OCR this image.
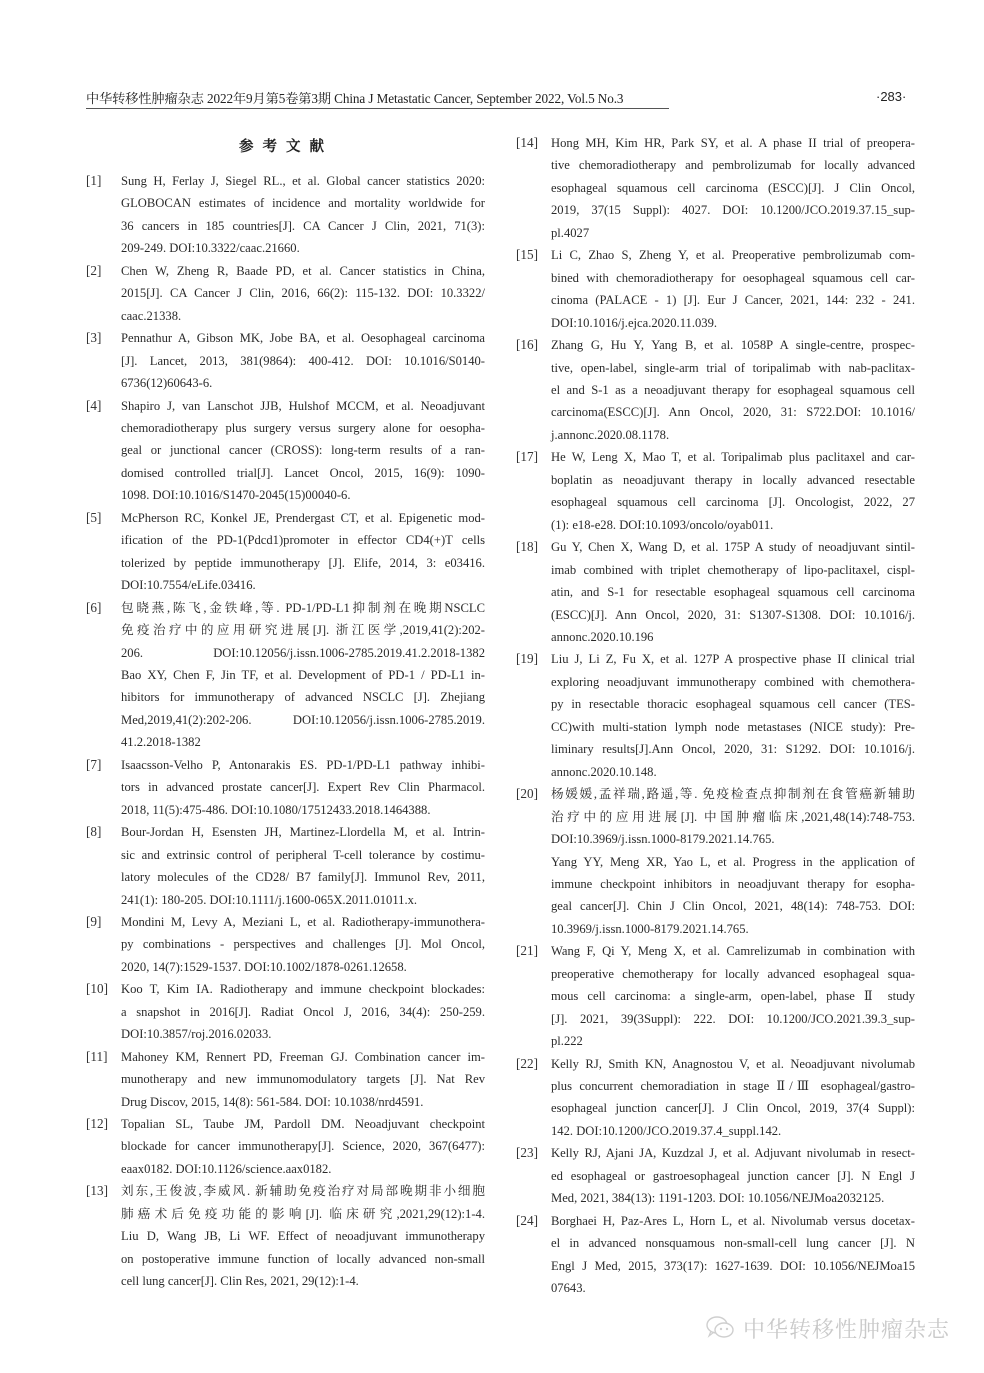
中华转移性肿瘤杂志 2022年9月第5卷第3期 China J Metastatic Cancer, September 2022, Vol.5 No.3	·283·
参考文献
[1]	Sung H, Ferlay J, Siegel RL., et al. Global cancer statistics 2020:
GLOBOCAN estimates of incidence and mortality worldwide for
36 cancers in 185 countries[J]. CA Cancer J Clin, 2021, 71(3):
209-249. DOI:10.3322/caac.21660.
[2]	Chen W, Zheng R, Baade PD, et al. Cancer statistics in China,
2015[J]. CA Cancer J Clin, 2016, 66(2): 115-132. DOI: 10.3322/
caac.21338.
[3]	Pennathur A, Gibson MK, Jobe BA, et al. Oesophageal carcinoma
[J]. Lancet, 2013, 381(9864): 400-412. DOI: 10.1016/S0140-
6736(12)60643-6.
[4]	Shapiro J, van Lanschot JJB, Hulshof MCCM, et al. Neoadjuvant
chemoradiotherapy plus surgery versus surgery alone for oesopha-
geal or junctional cancer (CROSS): long-term results of a ran-
domised controlled trial[J]. Lancet Oncol, 2015, 16(9): 1090-
1098. DOI:10.1016/S1470-2045(15)00040-6.
[5]	McPherson RC, Konkel JE, Prendergast CT, et al. Epigenetic mod-
ification of the PD-1(Pdcd1)promoter in effector CD4(+)T cells
tolerized by peptide immunotherapy [J]. Elife, 2014, 3: e03416.
DOI:10.7554/eLife.03416.
[6]	包晓燕,陈飞,金铁峰,等. PD-1/PD-L1抑制剂在晚期NSCLC
免疫治疗中的应用研究进展[J]. 浙江医学,2019,41(2):202-
206. DOI:10.12056/j.issn.1006-2785.2019.41.2.2018-1382
Bao XY, Chen F, Jin TF, et al. Development of PD-1 / PD-L1 in-
hibitors for immunotherapy of advanced NSCLC [J]. Zhejiang
Med,2019,41(2):202-206. DOI:10.12056/j.issn.1006-2785.2019.
41.2.2018-1382
[7]	Isaacsson-Velho P, Antonarakis ES. PD-1/PD-L1 pathway inhibi-
tors in advanced prostate cancer[J]. Expert Rev Clin Pharmacol.
2018, 11(5):475-486. DOI:10.1080/17512433.2018.1464388.
[8]	Bour-Jordan H, Esensten JH, Martinez-Llordella M, et al. Intrin-
sic and extrinsic control of peripheral T-cell tolerance by costimu-
latory molecules of the CD28/ B7 family[J]. Immunol Rev, 2011,
241(1): 180-205. DOI:10.1111/j.1600-065X.2011.01011.x.
[9]	Mondini M, Levy A, Meziani L, et al. Radiotherapy-immunothera-
py combinations - perspectives and challenges [J]. Mol Oncol,
2020, 14(7):1529-1537. DOI:10.1002/1878-0261.12658.
[10]	Koo T, Kim IA. Radiotherapy and immune checkpoint blockades:
a snapshot in 2016[J]. Radiat Oncol J, 2016, 34(4): 250-259.
DOI:10.3857/roj.2016.02033.
[11]	Mahoney KM, Rennert PD, Freeman GJ. Combination cancer im-
munotherapy and new immunomodulatory targets [J]. Nat Rev
Drug Discov, 2015, 14(8): 561-584. DOI: 10.1038/nrd4591.
[12]	Topalian SL, Taube JM, Pardoll DM. Neoadjuvant checkpoint
blockade for cancer immunotherapy[J]. Science, 2020, 367(6477):
eaax0182. DOI:10.1126/science.aax0182.
[13]	刘东,王俊波,李威风. 新辅助免疫治疗对局部晚期非小细胞
肺癌术后免疫功能的影响[J]. 临床研究,2021,29(12):1-4.
Liu D, Wang JB, Li WF. Effect of neoadjuvant immunotherapy
on postoperative immune function of locally advanced non-small
cell lung cancer[J]. Clin Res, 2021, 29(12):1-4.
[14]	Hong MH, Kim HR, Park SY, et al. A phase II trial of preopera-
tive chemoradiotherapy and pembrolizumab for locally advanced
esophageal squamous cell carcinoma (ESCC)[J]. J Clin Oncol,
2019, 37(15 Suppl): 4027. DOI: 10.1200/JCO.2019.37.15_sup-
pl.4027
[15]	Li C, Zhao S, Zheng Y, et al. Preoperative pembrolizumab com-
bined with chemoradiotherapy for oesophageal squamous cell car-
cinoma (PALACE - 1) [J]. Eur J Cancer, 2021, 144: 232 - 241.
DOI:10.1016/j.ejca.2020.11.039.
[16]	Zhang G, Hu Y, Yang B, et al. 1058P A single-centre, prospec-
tive, open-label, single-arm trial of toripalimab with nab-paclitax-
el and S-1 as a neoadjuvant therapy for esophageal squamous cell
carcinoma(ESCC)[J]. Ann Oncol, 2020, 31: S722.DOI: 10.1016/
j.annonc.2020.08.1178.
[17]	He W, Leng X, Mao T, et al. Toripalimab plus paclitaxel and car-
boplatin as neoadjuvant therapy in locally advanced resectable
esophageal squamous cell carcinoma [J]. Oncologist, 2022, 27
(1): e18-e28. DOI:10.1093/oncolo/oyab011.
[18]	Gu Y, Chen X, Wang D, et al. 175P A study of neoadjuvant sintil-
imab combined with triplet chemotherapy of lipo-paclitaxel, cispl-
atin, and S-1 for resectable esophageal squamous cell carcinoma
(ESCC)[J]. Ann Oncol, 2020, 31: S1307-S1308. DOI: 10.1016/j.
annonc.2020.10.196
[19]	Liu J, Li Z, Fu X, et al. 127P A prospective phase II clinical trial
exploring neoadjuvant immunotherapy combined with chemothera-
py in resectable thoracic esophageal squamous cell cancer (TES-
CC)with multi-station lymph node metastases (NICE study): Pre-
liminary results[J].Ann Oncol, 2020, 31: S1292. DOI: 10.1016/j.
annonc.2020.10.148.
[20]	杨媛媛,孟祥瑞,路遥,等. 免疫检查点抑制剂在食管癌新辅助
治疗中的应用进展[J]. 中国肿瘤临床,2021,48(14):748-753.
DOI:10.3969/j.issn.1000-8179.2021.14.765.
Yang YY, Meng XR, Yao L, et al. Progress in the application of
immune checkpoint inhibitors in neoadjuvant therapy for esopha-
geal cancer[J]. Chin J Clin Oncol, 2021, 48(14): 748-753. DOI:
10.3969/j.issn.1000-8179.2021.14.765.
[21]	Wang F, Qi Y, Meng X, et al. Camrelizumab in combination with
preoperative chemotherapy for locally advanced esophageal squa-
mous cell carcinoma: a single-arm, open-label, phase Ⅱ study
[J]. 2021, 39(3Suppl): 222. DOI: 10.1200/JCO.2021.39.3_sup-
pl.222
[22]	Kelly RJ, Smith KN, Anagnostou V, et al. Neoadjuvant nivolumab
plus concurrent chemoradiation in stage Ⅱ/Ⅲ esophageal/gastro-
esophageal junction cancer[J]. J Clin Oncol, 2019, 37(4 Suppl):
142. DOI:10.1200/JCO.2019.37.4_suppl.142.
[23]	Kelly RJ, Ajani JA, Kuzdzal J, et al. Adjuvant nivolumab in resect-
ed esophageal or gastroesophageal junction cancer [J]. N Engl J
Med, 2021, 384(13): 1191-1203. DOI: 10.1056/NEJMoa2032125.
[24]	Borghaei H, Paz-Ares L, Horn L, et al. Nivolumab versus docetax-
el in advanced nonsquamous non-small-cell lung cancer [J]. N
Engl J Med, 2015, 373(17): 1627-1639. DOI: 10.1056/NEJMoa15
07643.
中华转移性肿瘤杂志
